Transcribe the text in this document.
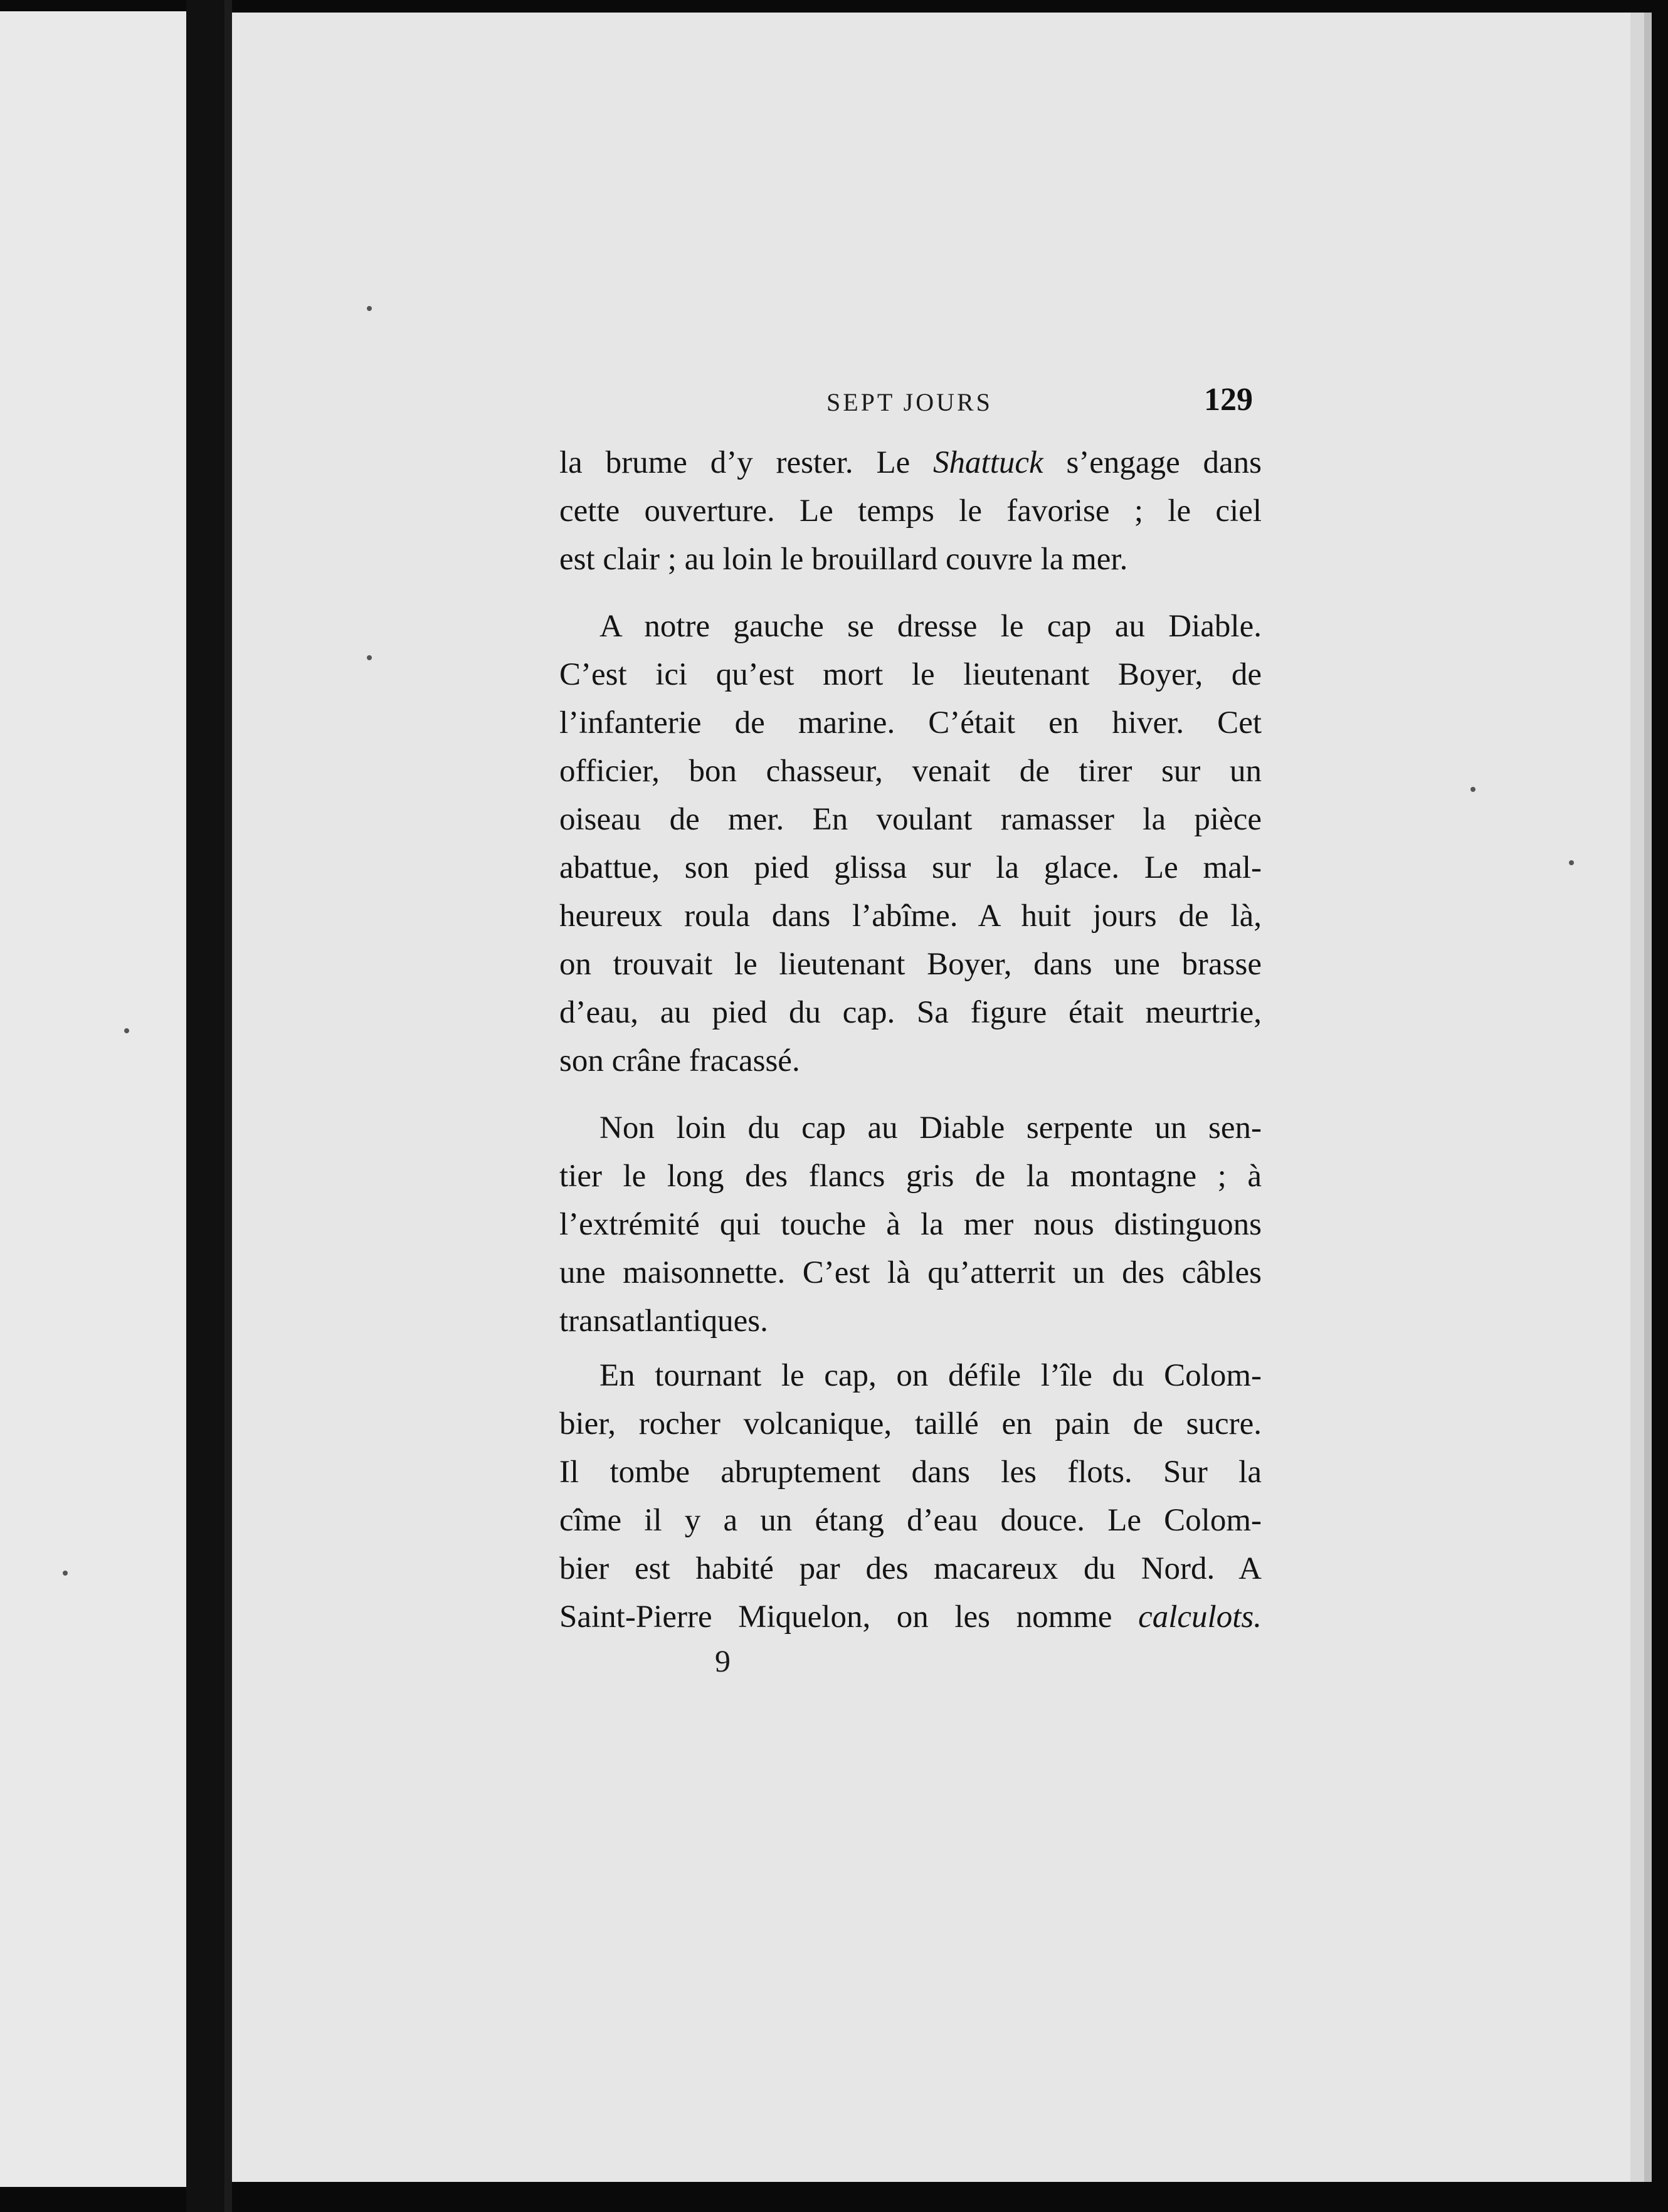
SEPT JOURS	129
la brume d’y rester. Le Shattuck s’engage dans
cette ouverture. Le temps le favorise ; le ciel
est clair ; au loin le brouillard couvre la mer.
A notre gauche se dresse le cap au Diable.
C’est ici qu’est mort le lieutenant Boyer, de
l’infanterie de marine. C’était en hiver. Cet
officier, bon chasseur, venait de tirer sur un
oiseau de mer. En voulant ramasser la pièce
abattue, son pied glissa sur la glace. Le mal-
heureux roula dans l’abîme. A huit jours de là,
on trouvait le lieutenant Boyer, dans une brasse
d’eau, au pied du cap. Sa figure était meurtrie,
son crâne fracassé.
Non loin du cap au Diable serpente un sen-
tier le long des flancs gris de la montagne ; à
l’extrémité qui touche à la mer nous distinguons
une maisonnette. C’est là qu’atterrit un des câbles
transatlantiques.
En tournant le cap, on défile l’île du Colom-
bier, rocher volcanique, taillé en pain de sucre.
Il tombe abruptement dans les flots. Sur la
cîme il y a un étang d’eau douce. Le Colom-
bier est habité par des macareux du Nord. A
Saint-Pierre Miquelon, on les nomme calculots.
9
